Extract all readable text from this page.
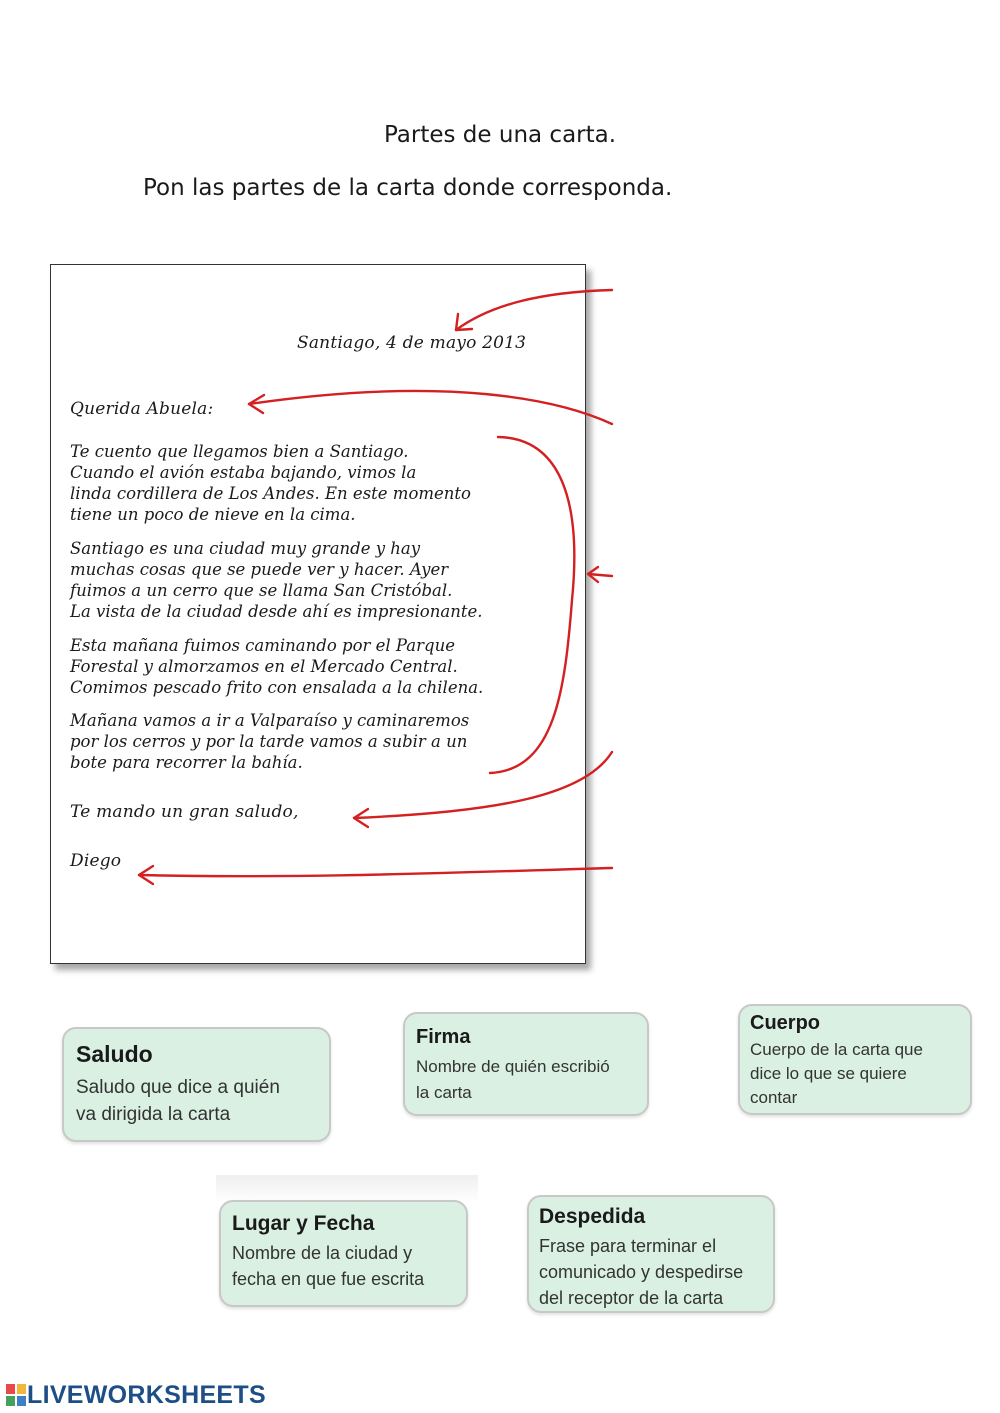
Partes de una carta.
Pon las partes de la carta donde corresponda.
Santiago, 4 de mayo 2013
Querida Abuela:
Te cuento que llegamos bien a Santiago.
Cuando el avión estaba bajando, vimos la
linda cordillera de Los Andes. En este momento
tiene un poco de nieve en la cima.
Santiago es una ciudad muy grande y hay
muchas cosas que se puede ver y hacer. Ayer
fuimos a un cerro que se llama San Cristóbal.
La vista de la ciudad desde ahí es impresionante.
Esta mañana fuimos caminando por el Parque
Forestal y almorzamos en el Mercado Central.
Comimos pescado frito con ensalada a la chilena.
Mañana vamos a ir a Valparaíso y caminaremos
por los cerros y por la tarde vamos a subir a un
bote para recorrer la bahía.
Te mando un gran saludo,
Diego
Saludo
Saludo que dice a quién
va dirigida la carta
Firma
Nombre de quién escribió
la carta
Cuerpo
Cuerpo de la carta que
dice lo que se quiere
contar
Lugar y Fecha
Nombre de la ciudad y
fecha en que fue escrita
Despedida
Frase para terminar el
comunicado y despedirse
del receptor de la carta
LIVEWORKSHEETS
